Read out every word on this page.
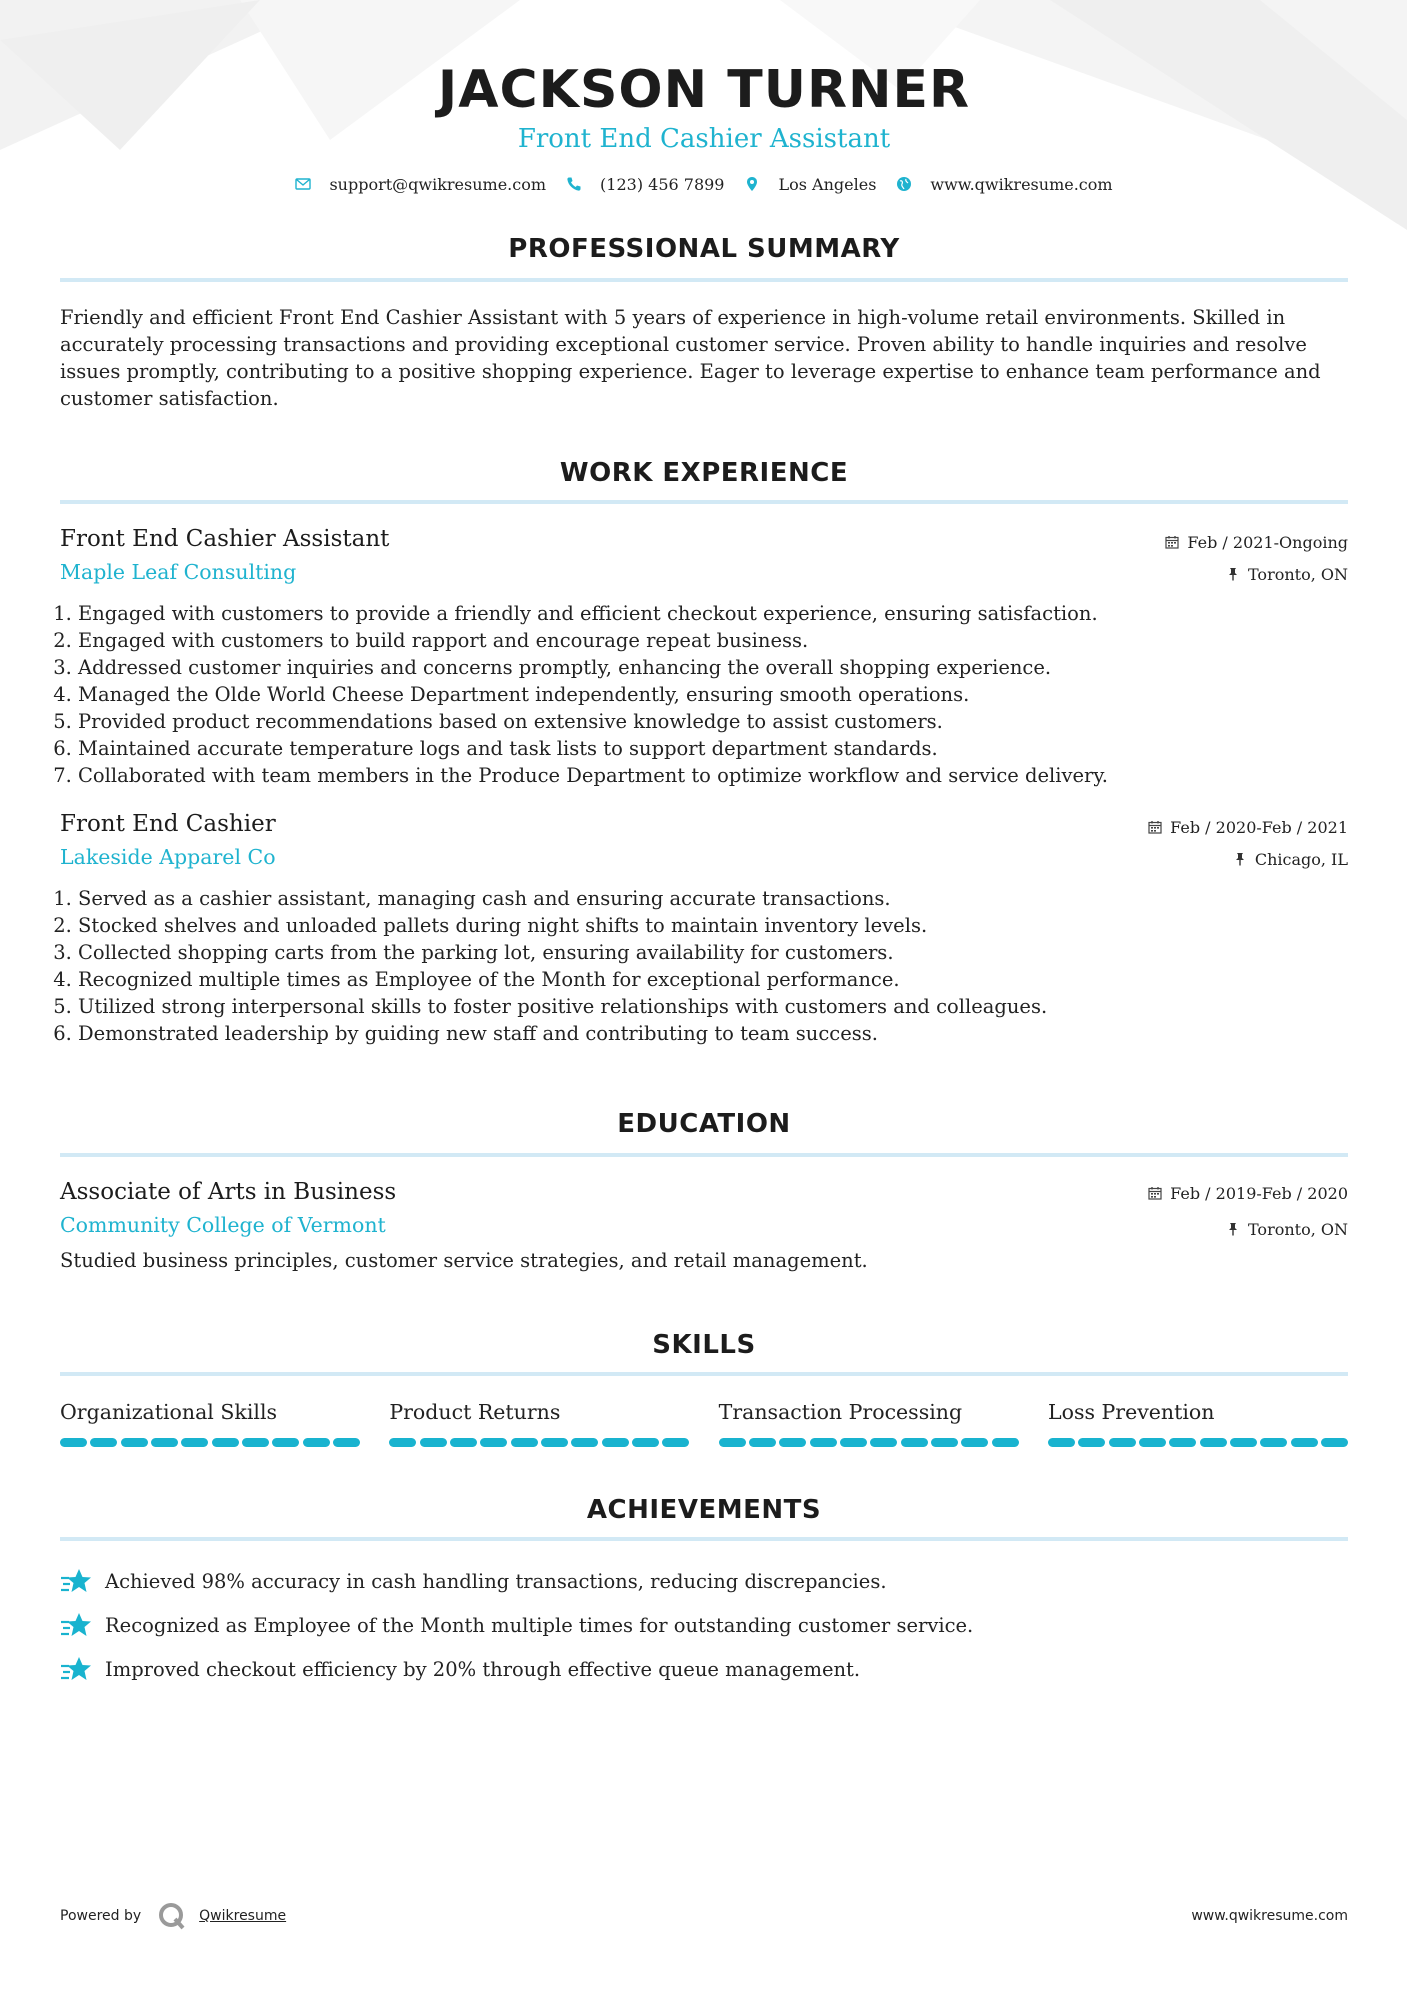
JACKSON TURNER
Front End Cashier Assistant
support@qwikresume.com	(123) 456 7899	Los Angeles	www.qwikresume.com
PROFESSIONAL SUMMARY
Friendly and efficient Front End Cashier Assistant with 5 years of experience in high-volume retail environments. Skilled in accurately processing transactions and providing exceptional customer service. Proven ability to handle inquiries and resolve issues promptly, contributing to a positive shopping experience. Eager to leverage expertise to enhance team performance and customer satisfaction.
WORK EXPERIENCE
Feb / 2021-Ongoing
Toronto, ON
Front End Cashier Assistant
Maple Leaf Consulting
1. Engaged with customers to provide a friendly and efficient checkout experience, ensuring satisfaction.
2. Engaged with customers to build rapport and encourage repeat business.
3. Addressed customer inquiries and concerns promptly, enhancing the overall shopping experience.
4. Managed the Olde World Cheese Department independently, ensuring smooth operations.
5. Provided product recommendations based on extensive knowledge to assist customers.
6. Maintained accurate temperature logs and task lists to support department standards.
7. Collaborated with team members in the Produce Department to optimize workflow and service delivery.
Feb / 2020-Feb / 2021
Chicago, IL
Front End Cashier
Lakeside Apparel Co
1. Served as a cashier assistant, managing cash and ensuring accurate transactions.
2. Stocked shelves and unloaded pallets during night shifts to maintain inventory levels.
3. Collected shopping carts from the parking lot, ensuring availability for customers.
4. Recognized multiple times as Employee of the Month for exceptional performance.
5. Utilized strong interpersonal skills to foster positive relationships with customers and colleagues.
6. Demonstrated leadership by guiding new staff and contributing to team success.
EDUCATION
Feb / 2019-Feb / 2020
Toronto, ON
Associate of Arts in Business
Community College of Vermont
Studied business principles, customer service strategies, and retail management.
SKILLS
Organizational Skills	Product Returns	Transaction Processing	Loss Prevention
ACHIEVEMENTS
Achieved 98% accuracy in cash handling transactions, reducing discrepancies.
Recognized as Employee of the Month multiple times for outstanding customer service.
Improved checkout efficiency by 20% through effective queue management.
Powered by	Qwikresume	www.qwikresume.com
